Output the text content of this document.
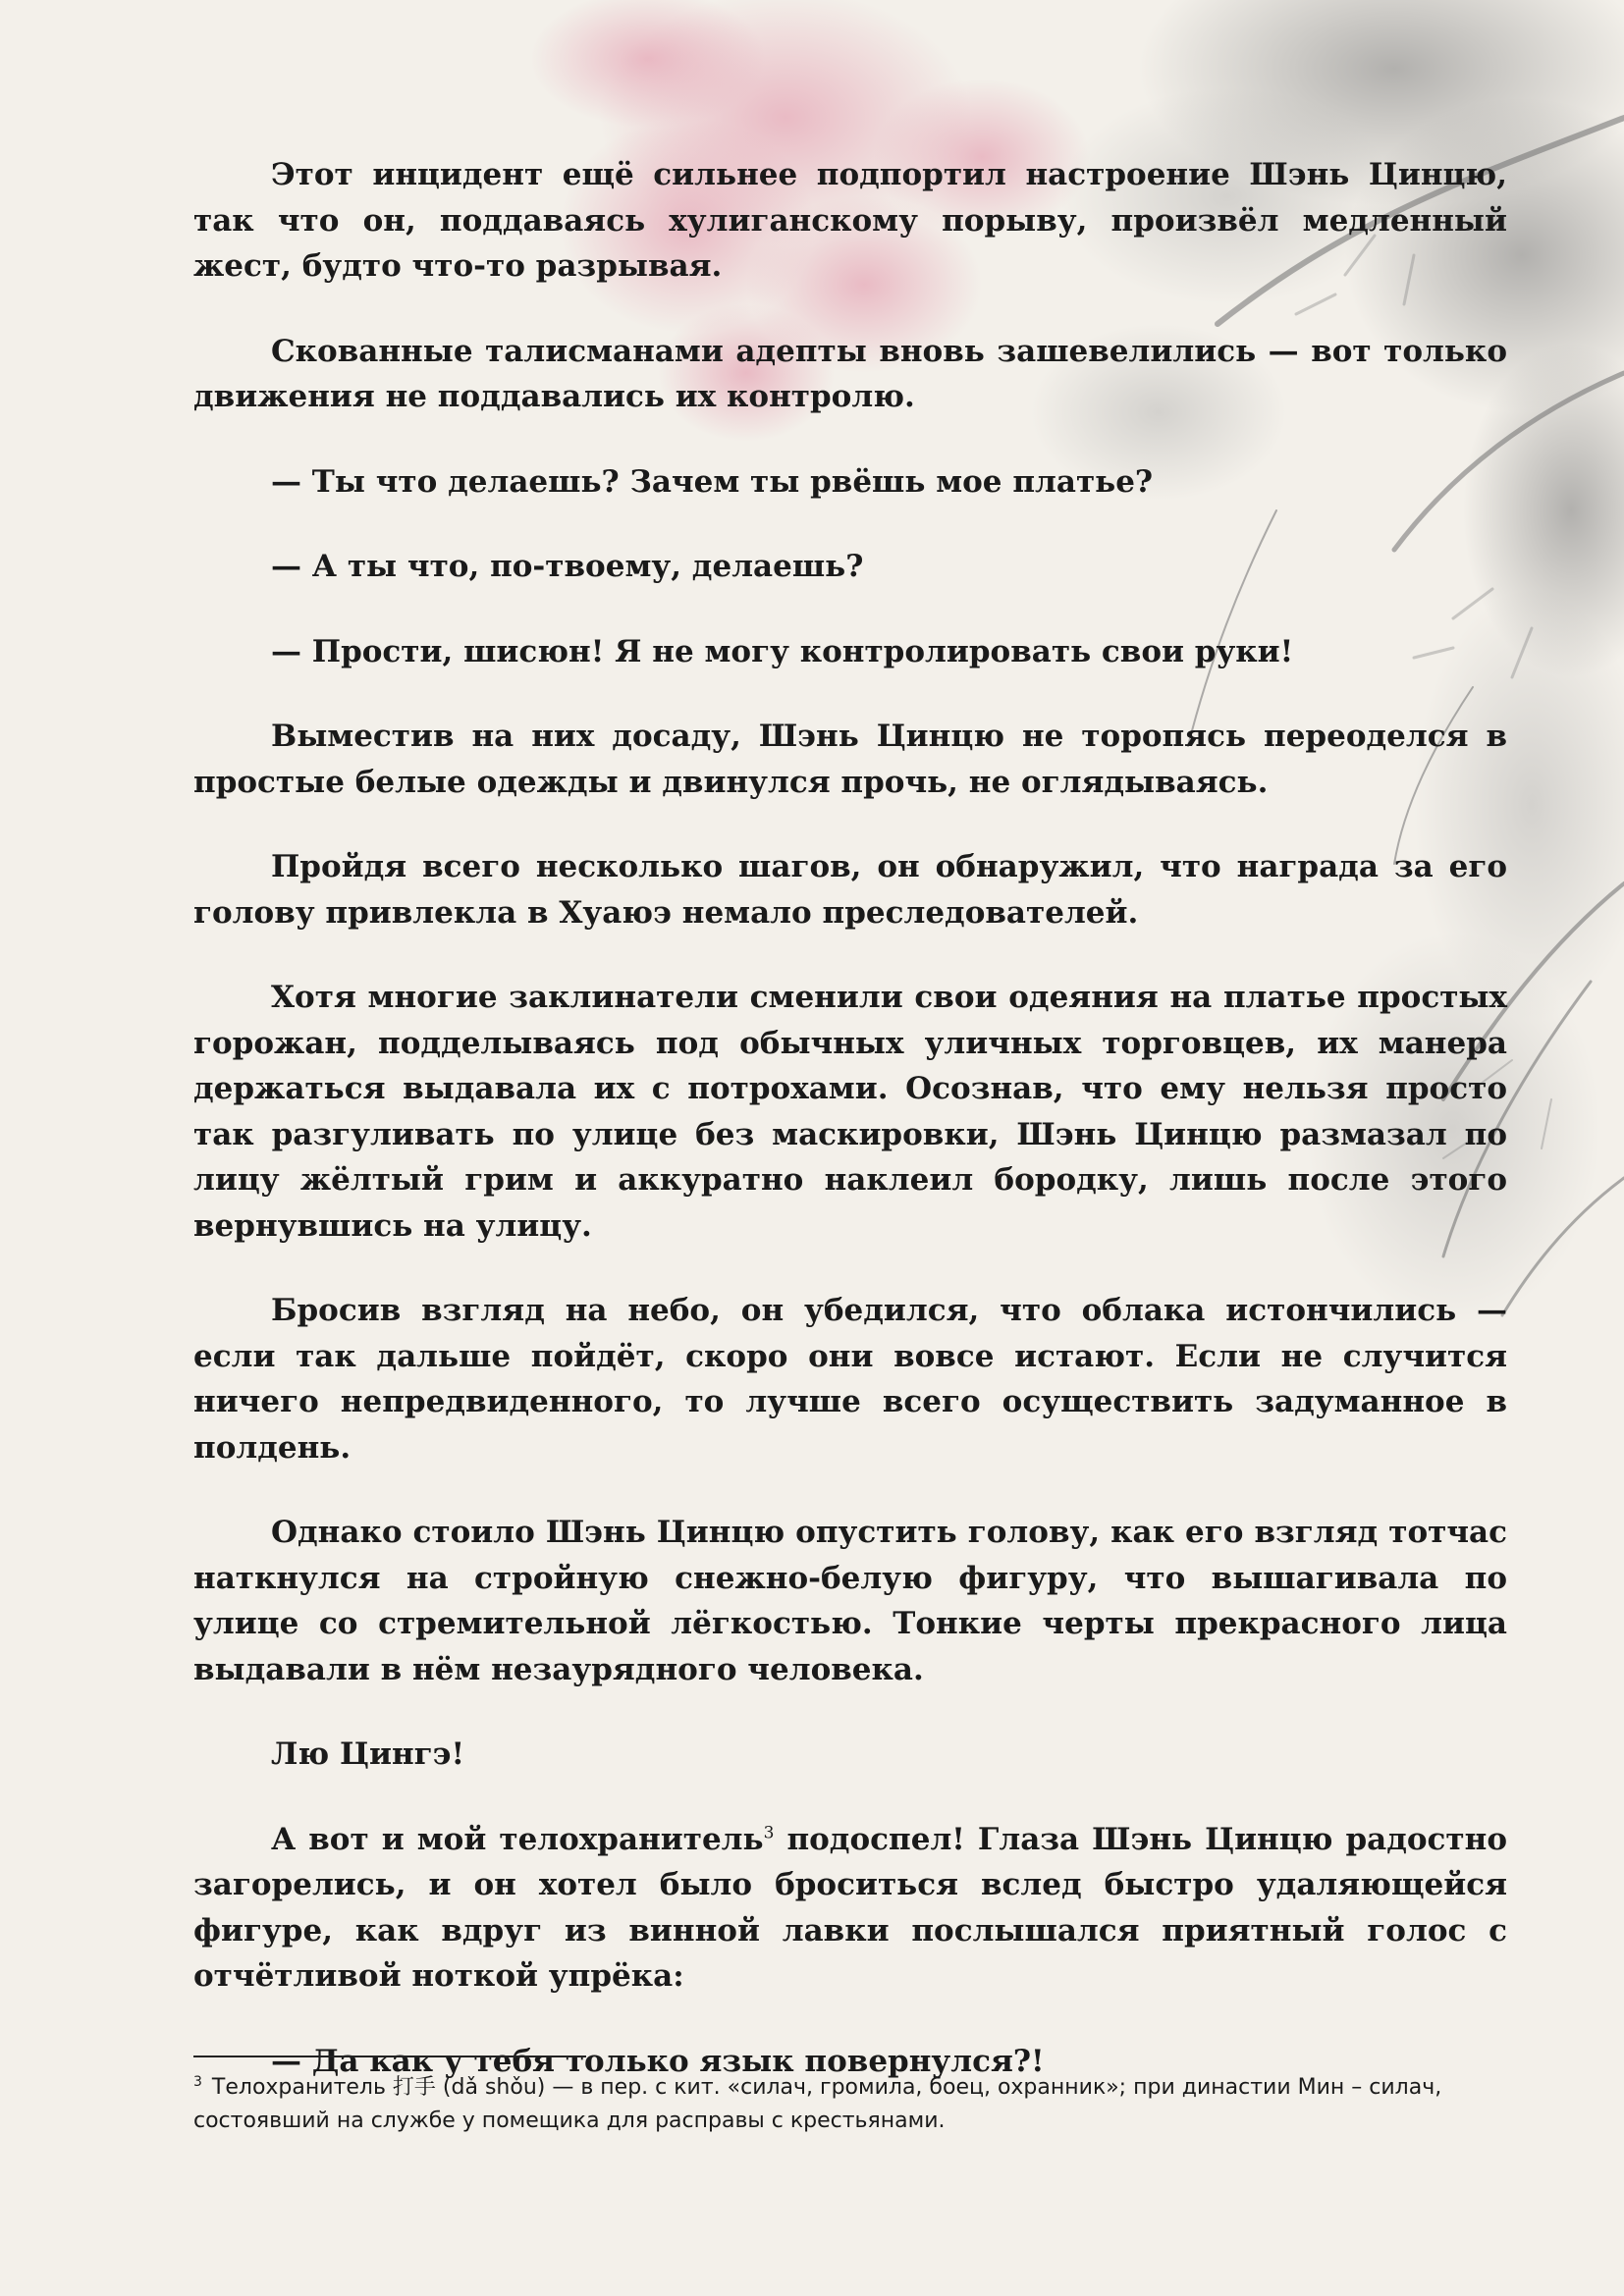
Этот инцидент ещё сильнее подпортил настроение Шэнь Цинцю, так что он, поддаваясь хулиганскому порыву, произвёл медленный жест, будто что-то разрывая.

Скованные талисманами адепты вновь зашевелились — вот только движения не поддавались их контролю.

— Ты что делаешь? Зачем ты рвёшь мое платье?

— А ты что, по-твоему, делаешь?

— Прости, шисюн! Я не могу контролировать свои руки!

Выместив на них досаду, Шэнь Цинцю не торопясь переоделся в простые белые одежды и двинулся прочь, не оглядываясь.

Пройдя всего несколько шагов, он обнаружил, что награда за его голову привлекла в Хуаюэ немало преследователей.

Хотя многие заклинатели сменили свои одеяния на платье простых горожан, подделываясь под обычных уличных торговцев, их манера держаться выдавала их с потрохами. Осознав, что ему нельзя просто так разгуливать по улице без маскировки, Шэнь Цинцю размазал по лицу жёлтый грим и аккуратно наклеил бородку, лишь после этого вернувшись на улицу.

Бросив взгляд на небо, он убедился, что облака истончились — если так дальше пойдёт, скоро они вовсе истают. Если не случится ничего непредвиденного, то лучше всего осуществить задуманное в полдень.

Однако стоило Шэнь Цинцю опустить голову, как его взгляд тотчас наткнулся на стройную снежно-белую фигуру, что вышагивала по улице со стремительной лёгкостью. Тонкие черты прекрасного лица выдавали в нём незаурядного человека.

Лю Цингэ!

А вот и мой телохранитель$^3$ подоспел! Глаза Шэнь Цинцю радостно загорелись, и он хотел было броситься вслед быстро удаляющейся фигуре, как вдруг из винной лавки послышался приятный голос с отчётливой ноткой упрёка:

— Да как у тебя только язык повернулся?!

$^3$ Телохранитель 打手 (dǎ shǒu) — в пер. с кит. «силач, громила, боец, охранник»; при династии Мин – силач, состоявший на службе у помещика для расправы с крестьянами.
